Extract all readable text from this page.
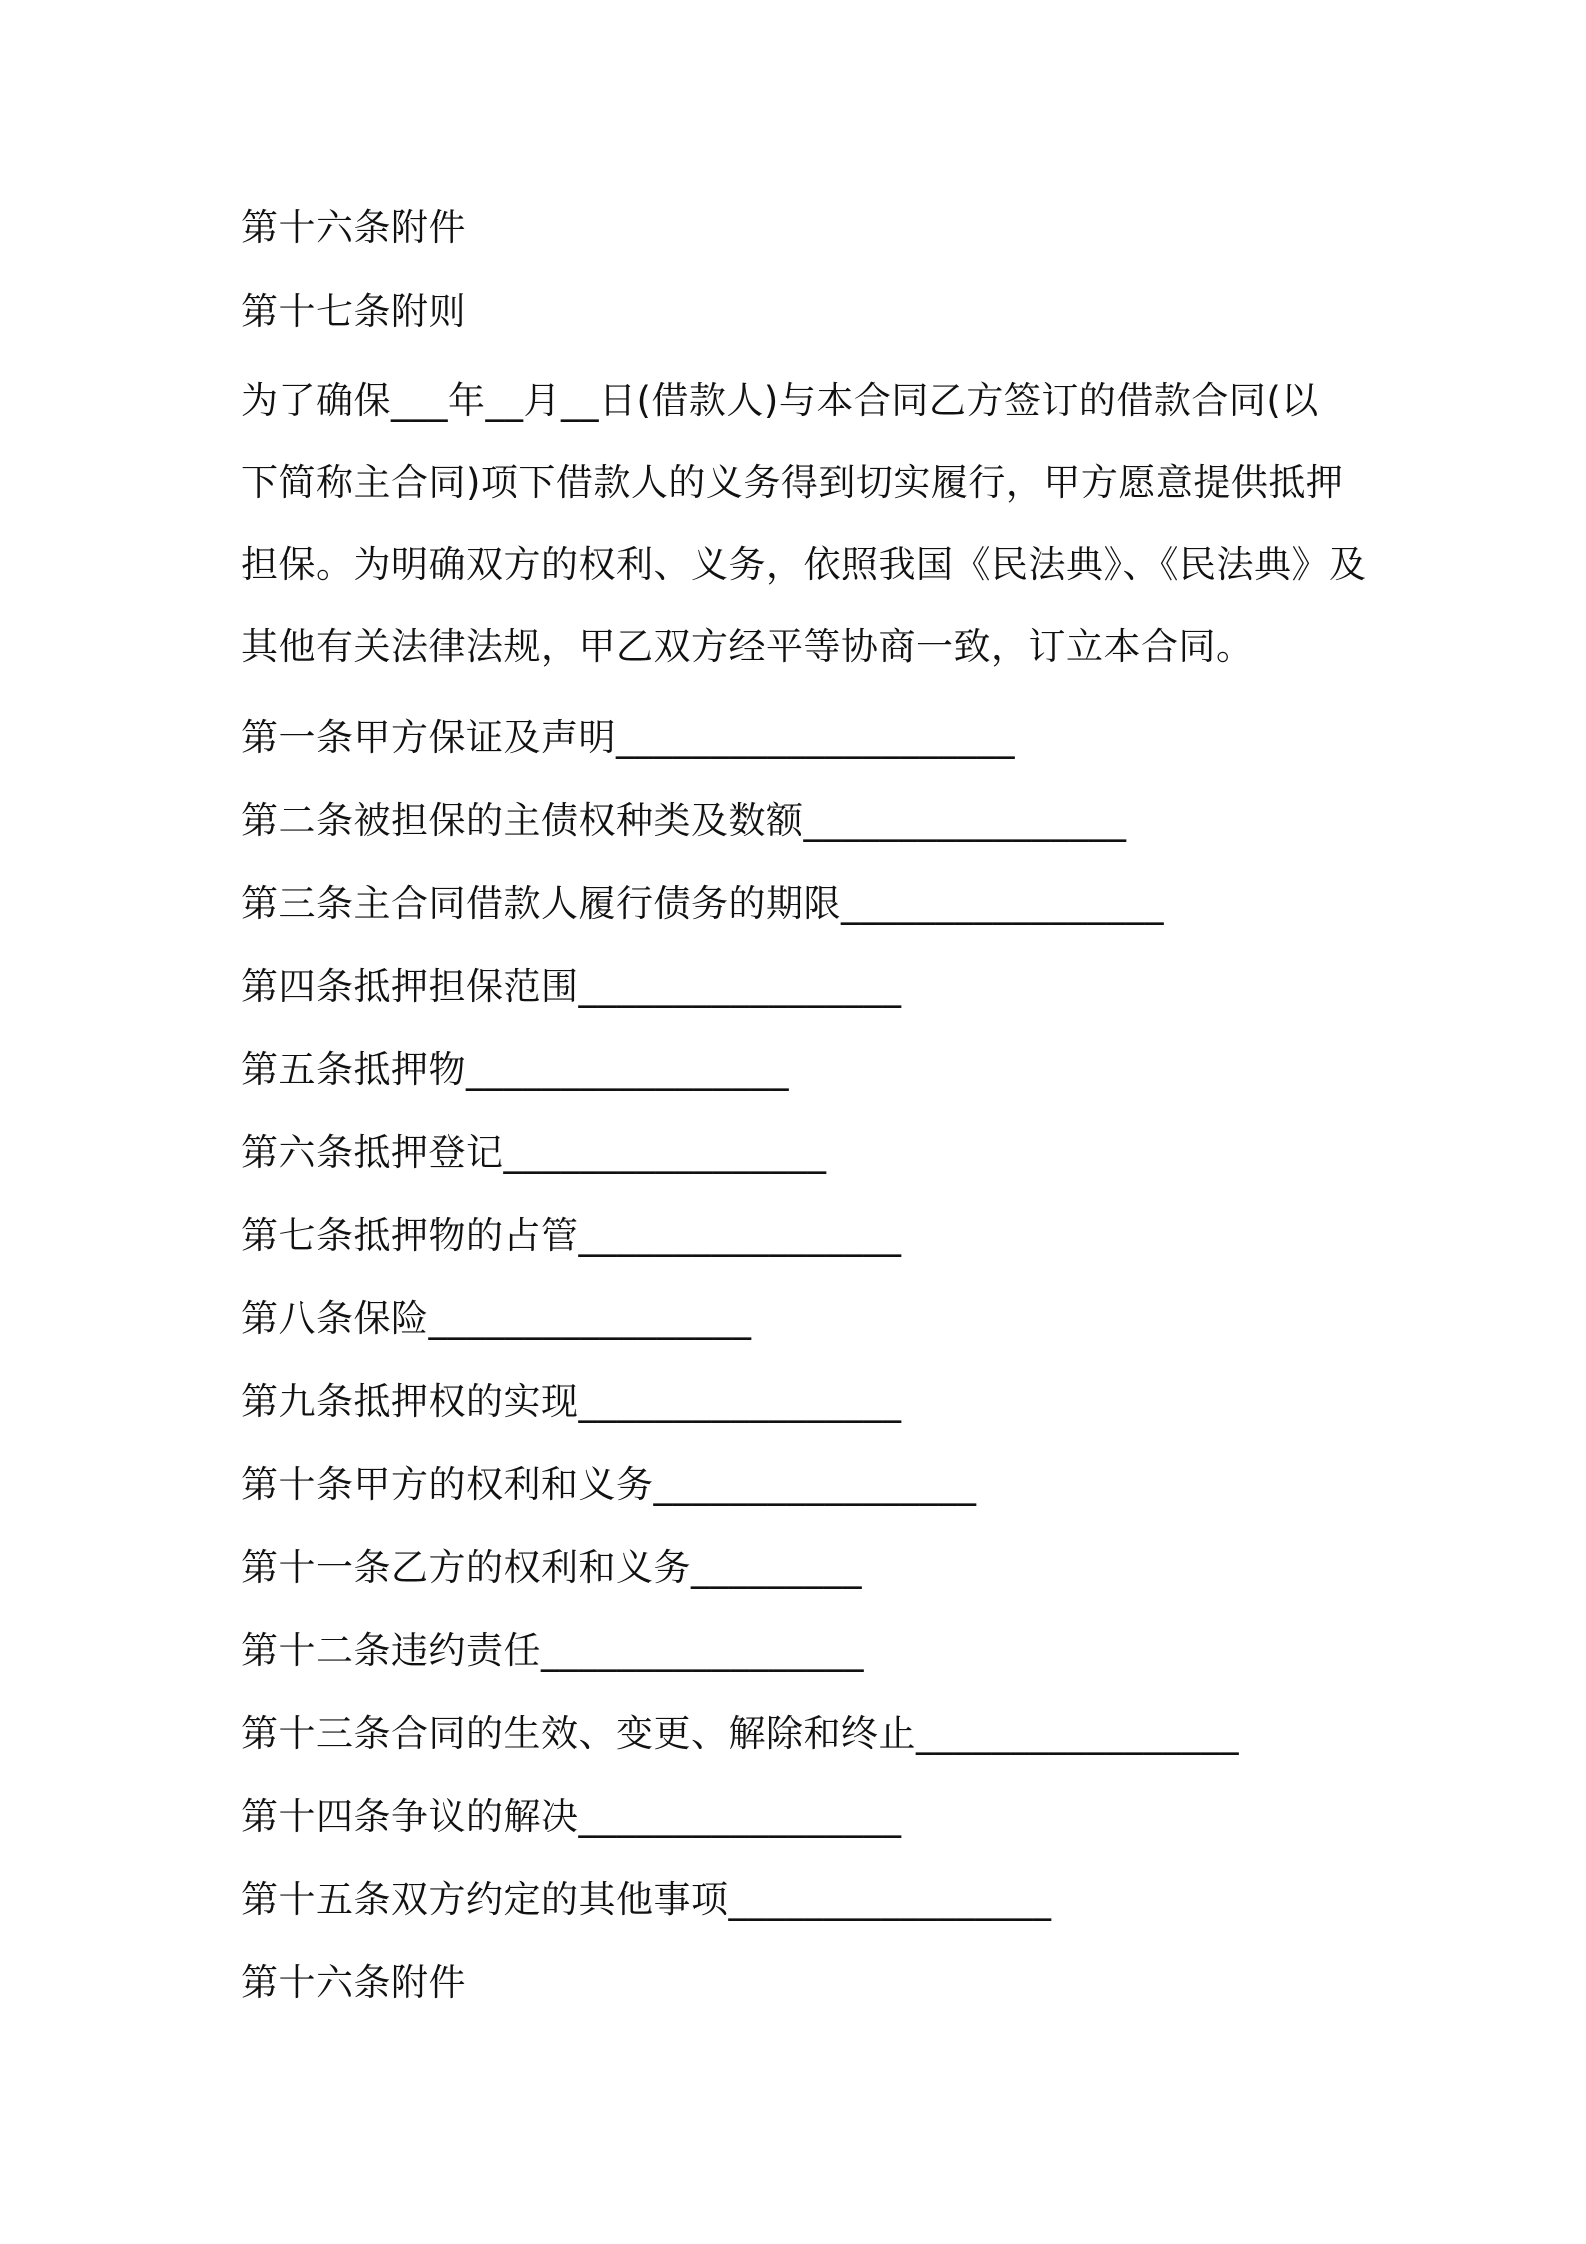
第十六条附件
第十七条附则
为了确保___年__月__日(借款人)与本合同乙方签订的借款合同(以
下简称主合同)项下借款人的义务得到切实履行，甲方愿意提供抵押
担保。为明确双方的权利、义务，依照我国《民法典》、《民法典》及
其他有关法律法规，甲乙双方经平等协商一致，订立本合同。
第一条甲方保证及声明_____________________
第二条被担保的主债权种类及数额_________________
第三条主合同借款人履行债务的期限_________________
第四条抵押担保范围_________________
第五条抵押物_________________
第六条抵押登记_________________
第七条抵押物的占管_________________
第八条保险_________________
第九条抵押权的实现_________________
第十条甲方的权利和义务_________________
第十一条乙方的权利和义务_________
第十二条违约责任_________________
第十三条合同的生效、变更、解除和终止_________________
第十四条争议的解决_________________
第十五条双方约定的其他事项_________________
第十六条附件
